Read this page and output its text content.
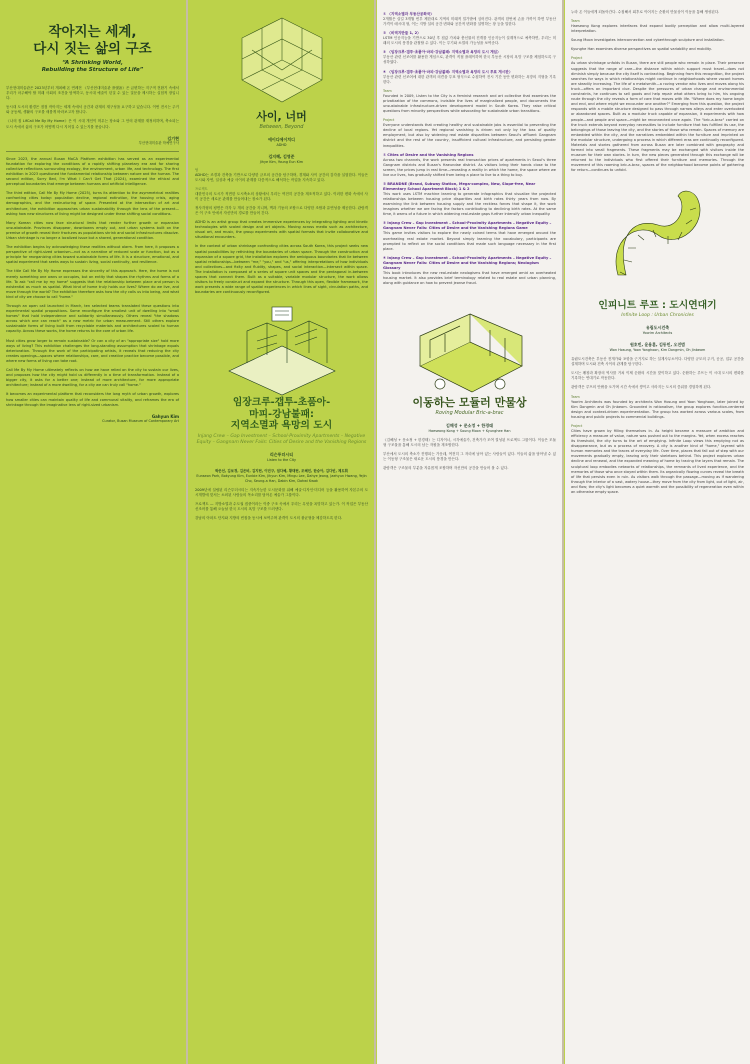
작아지는 세계,
다시 짓는 삶의 구조
“A Shrinking World,
Rebuilding the Structure of Life”
부산현대미술관은 2023년부터 개최해 온 연례전 《부산현대미술관 플랫폼》은 급변하는 지구적 전환기 속에서 우리가 마주해야 할 미래 사회의 조건을 탐색하고, 동시대 예술이 던질 수 있는 질문을 제시하는 실험적 장입니다.
동시대 도시의 환경은 점점 작아지는 세계 속에서 공간과 관계의 재구성을 요구하고 있습니다. 이번 전시는 주거와 공동체, 생활의 구조를 새롭게 바라보고자 합니다.
《나의 집 LifCall Me By My Home》은 이 시대 개인이 머무는 장소와 그 안의 관계를 재정의하며, 축소되는 도시 속에서 삶의 구조가 어떻게 다시 지어질 수 있는지를 묻습니다.
김기현
부산현대미술관 학예연구사
Since 2023, the annual Busan MoCA Platform exhibition has served as an experimental foundation for exploring the conditions of a rapidly shifting planetary era and for sharing collective reflections surrounding ecology, the environment, urban life, and technology. The first exhibition in 2023 questioned the fundamental relationship between nature and the human. The second edition, Sorry Bed, I'm What I Can't Get That (2024), examined the ethical and perceptual boundaries that emerge between humans and artificial intelligence.
The third edition, Call Me By My Home (2025), turns its attention to the asymmetrical realities confronting cities today: population decline, regional extinction, the housing crisis, aging demographics, and the restructuring of space. Presented at the intersection of art and architecture, the exhibition approaches urban sustainability through the lens of the present—asking how new structures of living might be designed under these shifting social conditions.
Many Korean cities now face structural limits that render further growth or expansion unsustainable. Provinces disappear, downtowns empty out, and urban systems built on the premise of growth reveal their fractures as populations shrink and social infrastructures dissolve. Urban shrinkage is no longer a localized issue but a shared, generational condition.
The exhibition begins by acknowledging these realities without alarm. From here, it proposes a perspective of right-sized urbanism—not as a narrative of reduced scale or function, but as a principle for reorganizing cities toward sustainable forms of life. It is a structure, emotional, and spatial experiment that seeks ways to sustain living, social continuity, and resilience.
The title Call Me By My Home expresses the sincerity of this approach. Here, the home is not merely something one owns or occupies, but an entity that shapes the rhythms and forms of a life. To ask "call me by my home" suggests that the relationship between place and person is existential as much as spatial. What kind of home truly holds our lives? Where do we live, and move through the world? The exhibition therefore asks how the city calls us into being, and what kind of city we choose to call "home."
Through an open call launched in March, ten selected teams translated these questions into experimental spatial propositions. Some reconfigure the smallest unit of dwelling into "small homes" that hold independence and solidarity simultaneously. Others reveal "the shadows across which one can reach" as a new metric for urban measurement. Still others explore sustainable forms of living built from recyclable materials and architectures scaled to human capacity. Across these works, the home returns to the core of urban life.
Must cities grow larger to remain sustainable? Or can a city of an "appropriate size" hold more ways of living? This exhibition challenges the long-standing assumption that shrinkage equals deterioration. Through the work of the participating artists, it reveals that reducing the city creates openings—spaces where relationships, care, and creative practice become possible, and where new forms of living can take root.
Call Me By My Home ultimately reflects on how we have relied on the city to sustain our lives, and proposes how the city might hold us differently in a time of transformation. Instead of a bigger city, it asks for a better one; instead of more architecture, for more appropriate architecture; instead of a more dwelling, for a city we can truly call "home."
It becomes an experimental platform that reconsiders the long myth of urban growth, explores how smaller cities can maintain quality of life and communal vitality, and reframes the era of shrinkage through the imaginative lens of right-sized urbanism.
Gahyun Kim
Curator, Busan Museum of Contemporary Art
사이, 너머
Between, Beyond
에이디에이치디
ADHD
김지혜, 김영준
Jihye Kim, Young Eun Kim
팀
ADHD는 조경과 건축을 기반으로 다양한 규모의 공간을 탐구하며, 경계와 사이 공간의 감각을 실험한다. 이들은 도시와 자연, 일상과 예술 사이의 관계를 다층적으로 해석하는 작업을 지속하고 있다.
프로젝트
대한민국의 도시가 직면한 도시축소의 상황에서 우리는 여전히 공간을 재조직하고 있다. 이러한 변화 속에서 사이 공간은 새로운 관계를 만들어내는 장소가 된다.
정사각형의 평면은 각각 두 개의 공간을 지니며, 벽과 기둥의 조합으로 다양한 조합과 유연성을 제공한다. 관람객은 이 구조 안에서 자신만의 경로를 만들어 간다.
ADHD is an artist group that creates immersive experiences by integrating lighting and kinetic technologies with scaled design and art objects. Moving across media such as architecture, visual art, and music, the group experiments with spatial formats that invite collaborative and situational encounters.
In the context of urban shrinkage confronting cities across South Korea, this project seeks new spatial possibilities by rethinking the boundaries of urban space. Through the construction and expansion of a square grid, the installation explores the ambiguous boundaries that lie between spatial relationships—between "me," "you," and "us," offering interpretations of how individuals and collectives—and fixity and fluidity, shapes, and social interaction—intersect within space. The installation is composed of a series of square unit spaces and the pentagonal in-between spaces that connect them. Built as a suitable, variable modular structure, the work allows visitors to freely construct and expand the structure. Through this open, flexible framework, the work presents a wide range of spatial experiences in which lines of sight, circulation paths, and boundaries are continuously reconfigured.
임장크루-갭투-초품아-
마피-강남불패:
지역소멸과 욕망의 도시
Injang Crew – Gap Investment – School-Proximity Apartments – Negative Equity – Gangnam Never Fails: Cities of Desire and the Vanishing Regions
리슨투더시티
Listen to the City
박은선, 김보경, 김은비, 김지현, 이민구, 엄다혜, 황태현, 조혜민, 한승아, 김다빈, 제도휘
Eunseon Park, Bokyung Kim, Eunbie Kim, Jihyun Kim, Mingu Lee, Dahye Jeong, Jaehyun Hwang, Yejin Cho, Seung-a Han, Dabin Kim, Dohwi Kwak
2009년에 설립된 리슨투더시티는 지속가능한 도시문화를 위해 예술·디자인·미디어 등을 활용하여 자본주의 도시개발에 맞서는 소외된 사람들의 목소리를 담아온 예술가 그룹이다.
프로젝트 — 지방소멸과 수도권 집중이라는 이중 구조 속에서 우리는 무엇을 욕망하고 있는가. 이 작업은 부동산 신조어를 통해 오늘날 한국 도시의 욕망 구조를 드러낸다.
강남의 아파트 단지와 지방의 빈집을 동시에 보여주며 관객이 도시의 불균형을 체감하도록 한다.
① 〈지역소멸과 부동산공화국〉
2개월은 살길 3개월 빈부 제한대로 지역의 미래적 밀가밭에 심어진다. 관객의 한번에 손을 가까이 하면 부동산 가격이 매시대 형, 이는 지방 설의 공간 변화와 공간적 변화를 설명하는 창 등을 말한다.
② 〈비역지반들 1, 2〉
LSTM 인공지능을 기반으로 30년 후 집값 가치와 충신률의 진개를 인공지능이 설계적으로 예측하면, 우리는 미래의 도시의 풍경을 관찰할 수 있다. 이는 투기와 소멸의 가능성을 보여준다.
③ 〈임장크루-갭투-초품아-마피-강남불패: 지역소멸과 욕망의 도시 게임〉
부동산 관련 신조어를 활용한 게임으로, 관객이 직접 플레이하며 한국 부동산 시장의 욕망 구조를 체험하도록 구성하였다.
④ 〈임장크루-갭투-초품아-마피-강남불패: 지역소멸과 욕망의 도시 투표 게시판〉
부동산 관련 신조어에 대한 관객의 의견을 투표 형식으로 수집하여 전시 기간 동안 변화하는 욕망의 지형을 기록한다.
Team
Founded in 2009, Listen to the City is a feminist research and art collective that examines the privatization of the commons, invisible the lives of marginalized people, and documents the unsustainable infrastructure-driven development model in South Korea. They raise critical questions from minority perspectives while advocating for sustainable urban transitions.
Project
Everyone understands that creating healthy and sustainable jobs is essential to preventing the decline of local regions. Yet regional vanishing is driven not only by the loss of quality employment, but also by widening real estate disparities between Seoul's affluent Gangnam district and the rest of the country, insufficient cultural infrastructure, and persisting gender inequalities.
① Cities of Desire and the Vanishing Regions
Across two channels, the work presents real transaction prices of apartments in Seoul's three Gangnam districts and Busan's Haeundae district. As visitors bring their hands close to the screen, the prices jump in real time—revealing a reality in which the home, the space where we live our lives, has gradually shifted from being a place to live to a thing to buy.
② BRANDNE (Brand, Subway Station, Mega-complex, New, Slope-free, Near Elementary School Apartment Block) 1 & 2
This work uses LSTM machine learning to generate infographics that visualize the projected relationships between housing price disparities and birth rates thirty years from now. By examining the link between housing supply and the reckless forces that shape it, the work imagines whether we are facing the factors contributing to declining birth rates. At the same time, it warns of a future in which widening real-estate gaps further intensify urban inequality.
③ Injang Crew – Gap Investment – School-Proximity Apartments – Negative Equity – Gangnam Never Fails: Cities of Desire and the Vanishing Regions Game
This game invites visitors to explore the newly coined terms that have emerged around the overheating real estate market. Beyond simply learning the vocabulary, participants are prompted to reflect on the social conditions that made such language necessary in the first place.
④ Injang Crew – Gap Investment – School-Proximity Apartments – Negative Equity – Gangnam Never Fails: Cities of Desire and the Vanishing Regions; Neologism Glossary
This book introduces the new real-estate neologisms that have emerged amid an overheated housing market. It also provides brief terminology related to real estate and urban planning, along with guidance on how to prevent jeonse fraud.
이동하는 모듈러 만물상
Roving Modular Bric-a-brac
김해성 + 문소정 + 한경태
Haeseong Kong + Soung Moon + Kyunghee Han
《김해성 + 문소정 + 한경태》는 디자이너, 시각예술가, 건축가가 모여 결성된 프로젝트 그룹이다. 이들은 모듈형 구조물을 통해 도시의 남는 자원을 재조합한다.
부산에서 도시의 축소가 진행되는 가운데, 여전히 그 자리에 남아 있는 사람들이 있다. 이들의 삶을 담아낼 수 있는 이동형 구조물은 새로운 도시의 풍경을 만든다.
관람객은 구조물의 부분을 자유롭게 조합하며 자신만의 공간을 만들어 볼 수 있다.
누라 온 이들에게 되돌아간다. 수집해서 회후로 이어지는 순환의 만물상이 이동을 통해 생성된다.
Team
Haeseong Kong explores interfaces that expand bodily perception and allow multi-layered interpretation.
Soung Moon investigates interconnection and cyberthrough sculpture and installation.
Kyunghe Han examines diverse perspectives on spatial variability and mobility.
Project
As urban shrinkage unfolds in Busan, there are still people who remain in place. Their presence suggests that the range of care—the distance within which support must travel—does not diminish simply because the city itself is contracting. Beginning from this recognition, the project searches for ways in which relationships might continue in neighborhoods where vacant homes are steadily increasing. The life of a metalsmith—a roving vendor who lives and moves along his truck—offers an important clue. Despite the pressures of urban change and environmental constraints, he continues to sell goods and help repair what others bring to him, his ongoing route through the city reveals a form of care that moves with life. "Where does my home begin and end, and where might we encounter one another?" Emerging from this question, the project responds with a mobile structure designed to pass through narrow alleys and enter overlooked or abandoned spaces. Built as a modular truck capable of expansion, it experiments with how people—and people and space—might be reconnected once again. The "bric-a-brac" carried on the truck extends beyond everyday necessities to include furniture that has fulfilled its use, the belongings of those leaving the city, and the stories of those who remain. Spaces of memory are embedded within the city, and the narratives embedded within the furniture and imprinted on the modular structure, undergoing a process in which different eras are continually reconfigured. Materials and stories gathered from across Busan are later combined with geography and formed into small fragments. These fragments may be exchanged with visitors inside the museum for their own stories. In turn, the new pieces generated through this exchange will be returned to the individuals who first offered their furniture and memories. Through the movement of this roaming bric-a-brac, spaces of the neighborhood become points of gathering for return—continues to unfold.
인피니트 루프 : 도시연대기
Infinite Loop : Urban Chronicles
유림도시건축
Yoorim Architects
원호빈, 윤용훈, 김동민, 오진범
Won Hosung, Yoon Yonghoon, Kim Dongmin, Oh Jinbeom
유림도시건축은 부동산 전개가와 포항을 근거지로 하는 설계사무소이다. 다양한 규모의 주거, 공공, 업무 공간을 설계하며 도시와 건축 사이의 관계를 탐구한다.
도시는 팽창과 확장의 역사를 거쳐 이제 순환의 시간을 맞이하고 있다. 순환하는 루프는 이 시대 도시의 변화를 기록하는 연대기로 작동한다.
관람객은 루프의 안팎을 오가며 시간 속에서 쌓이고 사라지는 도시의 층위를 경험하게 된다.
Team
Yoorim Architects was founded by architects Won Hosung and Yoon Yonghoon, later joined by Kim Dongmin and Oh Jinbeom. Grounded in rationalism, the group explores function-centered design and context-driven experimentation. The group has worked across various scales, from housing and public projects to commercial buildings.
Project
Cities have grown by filling themselves in. As height became a measure of ambition and efficiency a measure of value, nature was pushed out to the margins. Yet, when excess reaches its threshold, the city turns to the art of emptying. Infinite Loop views this emptying not as disappearance, but as a process of recovery. A city is another kind of "home," layered with human memories and the traces of everyday life. Over time, places that fall out of step with our movements gradually empty, leaving only their skeletons behind. This project explores urban decline and renewal, and the expanded meaning of home by tracing the layers that remain. The sculptural loop embodies networks of relationships, the remnants of lived experience, and the memories of those who once stayed within them. Its organically flowing curves reveal the breath of life that persists even in ruin. As visitors walk through the passage—moving as if wandering through the interior of a vast, watery house—they move from the city from light, out of light, air, and flow; the city's light becomes a quiet warmth and the possibility of regeneration even within an otherwise empty space.
